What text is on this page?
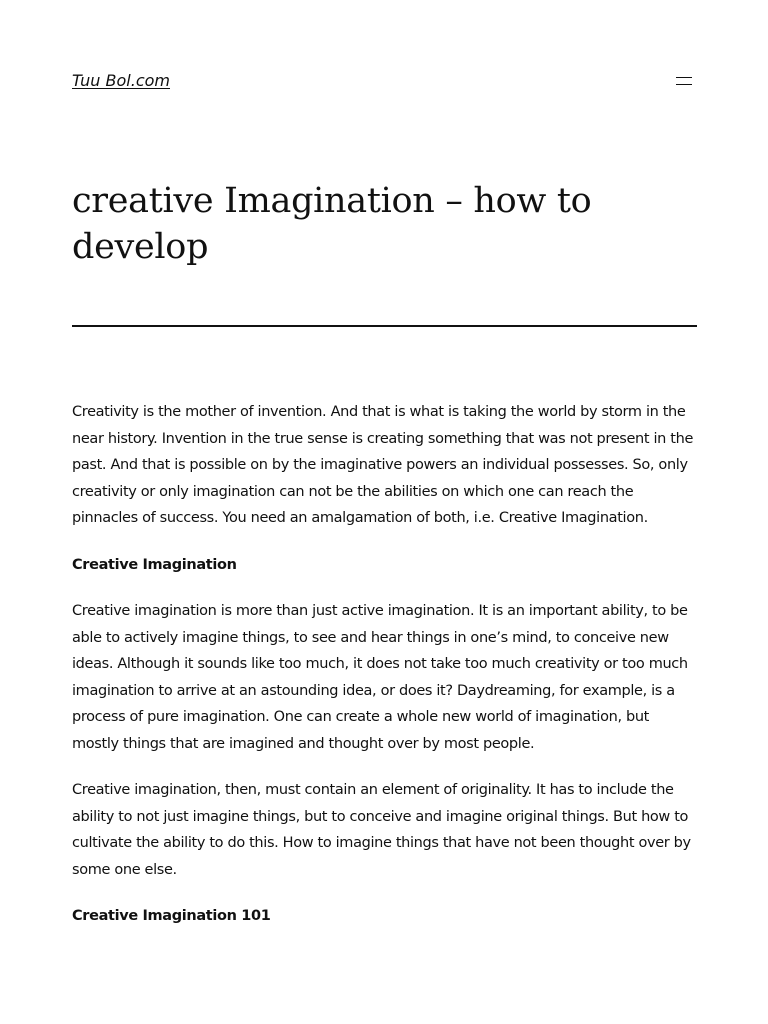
Tuu Bol.com
creative Imagination – how to develop

Creativity is the mother of invention. And that is what is taking the world by storm in the near history. Invention in the true sense is creating something that was not present in the past. And that is possible on by the imaginative powers an individual possesses. So, only creativity or only imagination can not be the abilities on which one can reach the pinnacles of success. You need an amalgamation of both, i.e. Creative Imagination.

Creative Imagination

Creative imagination is more than just active imagination. It is an important ability, to be able to actively imagine things, to see and hear things in one’s mind, to conceive new ideas. Although it sounds like too much, it does not take too much creativity or too much imagination to arrive at an astounding idea, or does it? Daydreaming, for example, is a process of pure imagination. One can create a whole new world of imagination, but mostly things that are imagined and thought over by most people.

Creative imagination, then, must contain an element of originality. It has to include the ability to not just imagine things, but to conceive and imagine original things. But how to cultivate the ability to do this. How to imagine things that have not been thought over by some one else.

Creative Imagination 101
